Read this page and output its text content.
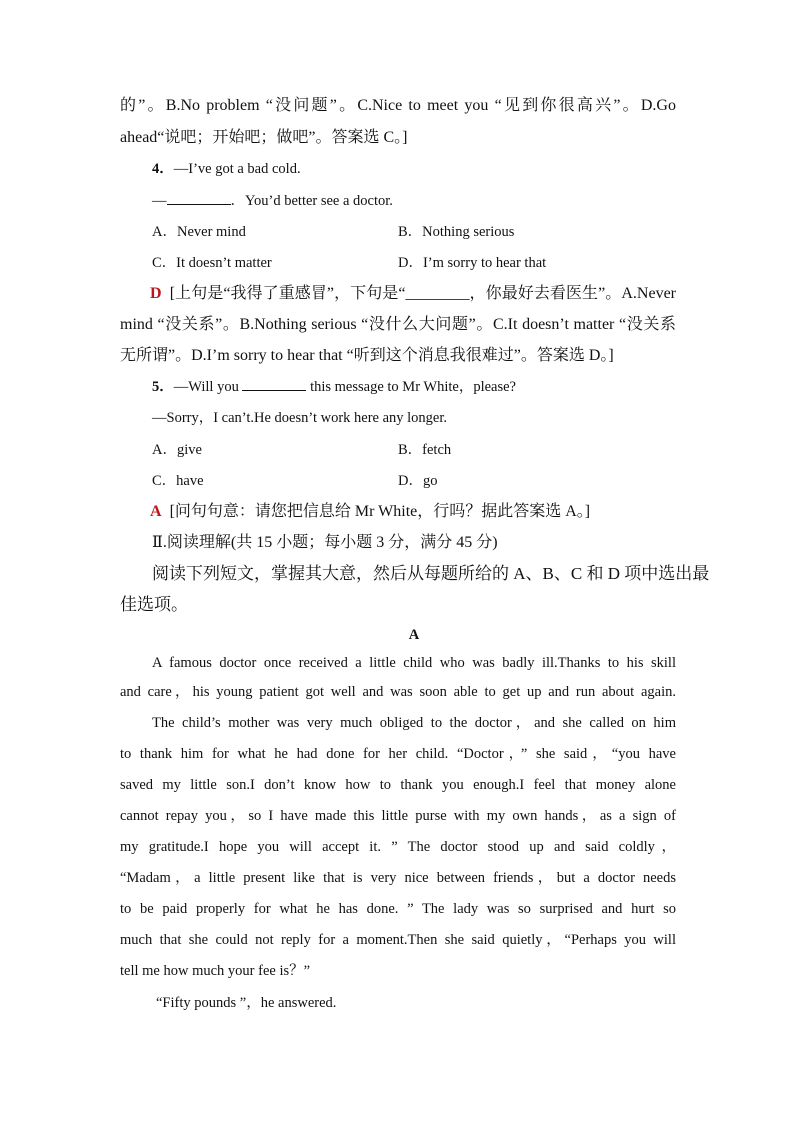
的”。B.No problem “没问题”。C.Nice to meet you “见到你很高兴”。D.Go
ahead“说吧；开始吧；做吧”。答案选 C。]
4．—I’ve got a bad cold.
—	．You’d better see a doctor.
A．Never mind	B．Nothing serious
C．It doesn’t matter	D．I’m sorry to hear that
D [上句是“我得了重感冒”，下句是“________，你最好去看医生”。A.Never
mind “没关系”。B.Nothing serious “没什么大问题”。C.It doesn’t matter “没关系
无所谓”。D.I’m sorry to hear that “听到这个消息我很难过”。答案选 D。]
5．—Will you	this message to Mr White，please?
—Sorry，I can’t.He doesn’t work here any longer.
A．give	B．fetch
C．have	D．go
A [问句句意：请您把信息给 Mr White，行吗？据此答案选 A。]
Ⅱ.阅读理解(共 15 小题；每小题 3 分，满分 45 分)
阅读下列短文，掌握其大意，然后从每题所给的 A、B、C 和 D 项中选出最
佳选项。
A
A famous doctor once received a little child who was badly ill.Thanks to his skill
and care，his young patient got well and was soon able to get up and run about again.
The child’s mother was very much obliged to the doctor，and she called on him
to thank him for what he had done for her child. “Doctor，” she said，“you have
saved my little son.I don’t know how to thank you enough.I feel that money alone
cannot repay you，so I have made this little purse with my own hands，as a sign of
my gratitude.I hope you will accept it. ” The doctor stood up and said coldly，
“Madam，a little present like that is very nice between friends，but a doctor needs
to be paid properly for what he has done. ” The lady was so surprised and hurt so
much that she could not reply for a moment.Then she said quietly，“Perhaps you will
tell me how much your fee is？”
“Fifty pounds ”，he answered.
